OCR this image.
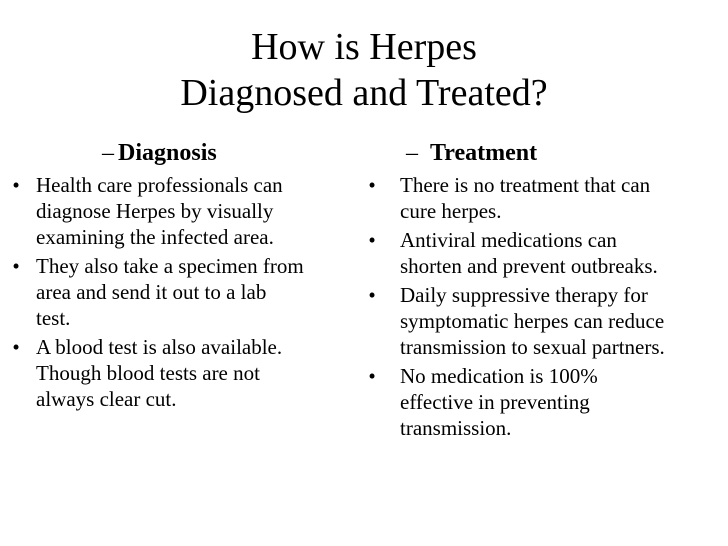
How is Herpes
Diagnosed and Treated?
– Diagnosis
• Health care professionals can diagnose Herpes by visually examining the infected area.
• They also take a specimen from area and send it out to a lab test.
• A blood test is also available. Though blood tests are not always clear cut.
– Treatment
•	There is no treatment that can cure herpes.
•	Antiviral medications can shorten and prevent outbreaks.
•	Daily suppressive therapy for symptomatic herpes can reduce transmission to sexual partners.
•	No medication is 100% effective in preventing transmission.
